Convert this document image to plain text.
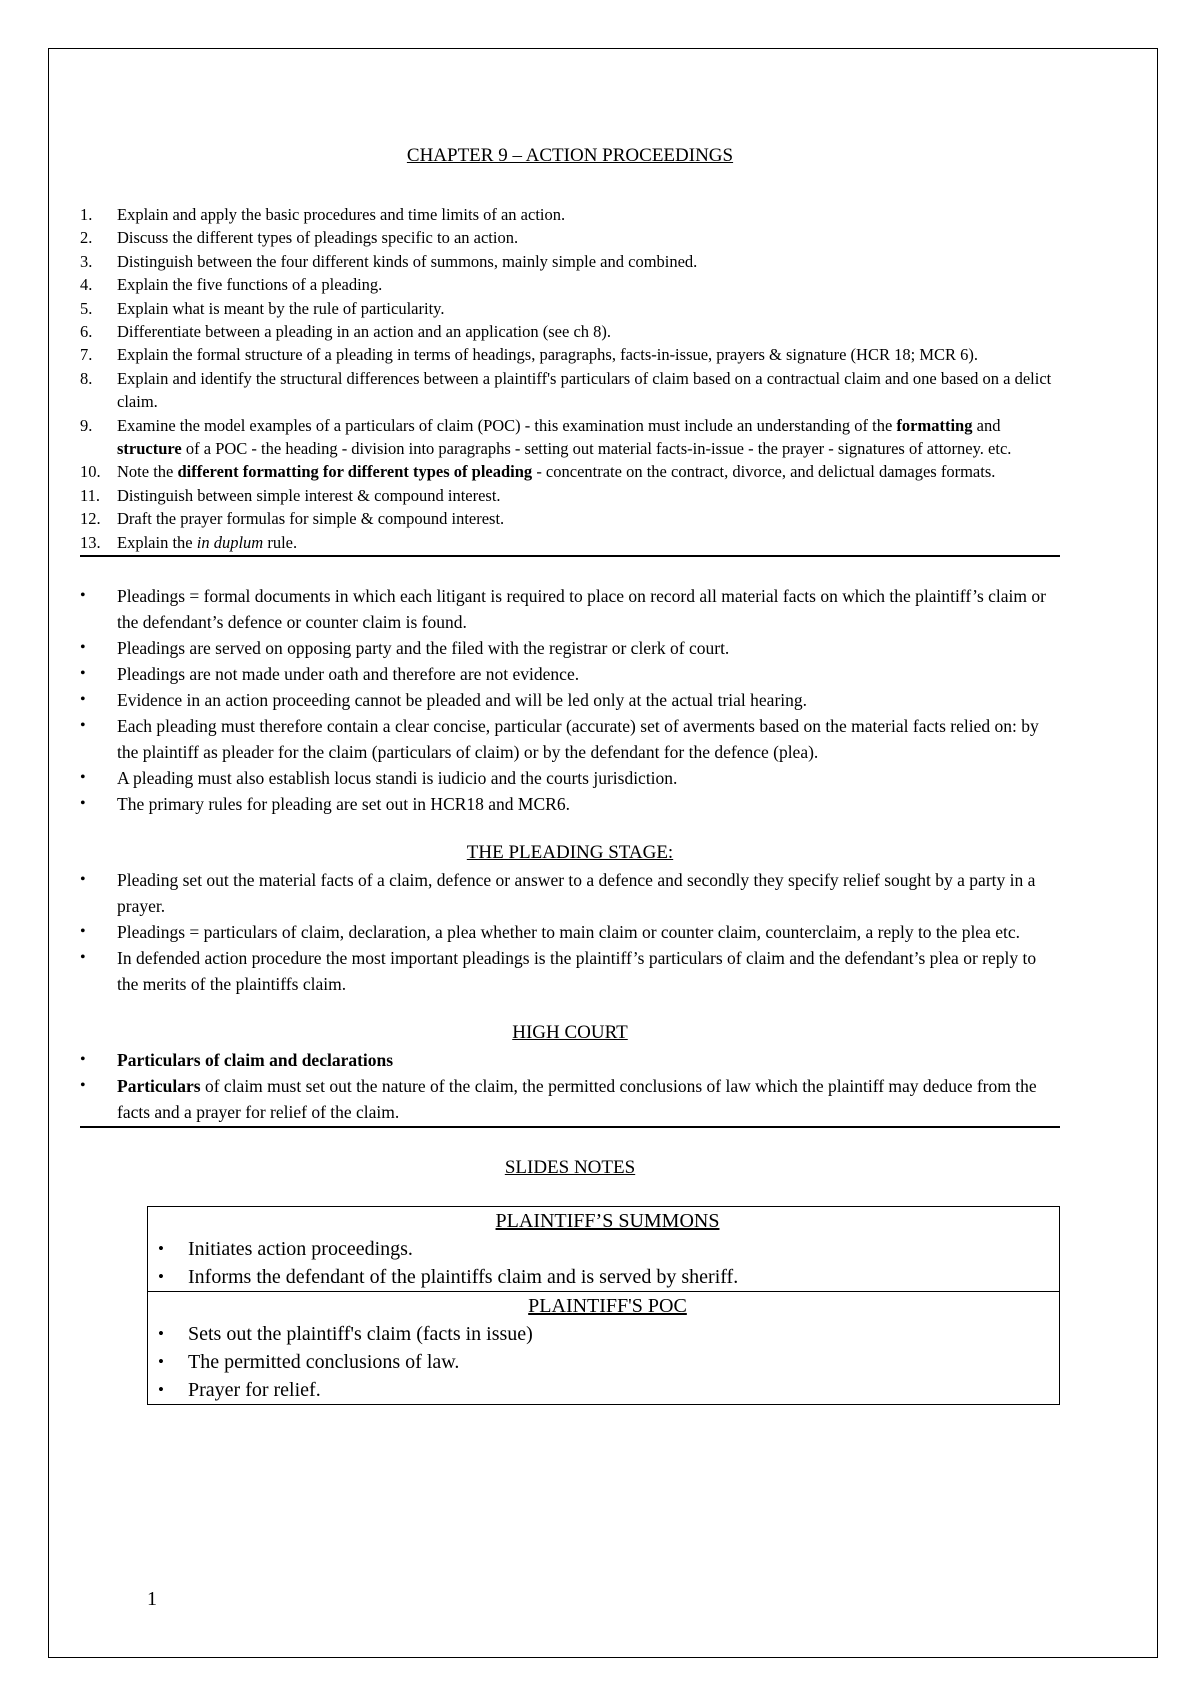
CHAPTER 9 – ACTION PROCEEDINGS
1. Explain and apply the basic procedures and time limits of an action.
2. Discuss the different types of pleadings specific to an action.
3. Distinguish between the four different kinds of summons, mainly simple and combined.
4. Explain the five functions of a pleading.
5. Explain what is meant by the rule of particularity.
6. Differentiate between a pleading in an action and an application (see ch 8).
7. Explain the formal structure of a pleading in terms of headings, paragraphs, facts-in-issue, prayers & signature (HCR 18; MCR 6).
8. Explain and identify the structural differences between a plaintiff's particulars of claim based on a contractual claim and one based on a delict claim.
9. Examine the model examples of a particulars of claim (POC) - this examination must include an understanding of the formatting and structure of a POC - the heading - division into paragraphs - setting out material facts-in-issue - the prayer - signatures of attorney. etc.
10. Note the different formatting for different types of pleading - concentrate on the contract, divorce, and delictual damages formats.
11. Distinguish between simple interest & compound interest.
12. Draft the prayer formulas for simple & compound interest.
13. Explain the in duplum rule.
• Pleadings = formal documents in which each litigant is required to place on record all material facts on which the plaintiff’s claim or the defendant’s defence or counter claim is found.
• Pleadings are served on opposing party and the filed with the registrar or clerk of court.
• Pleadings are not made under oath and therefore are not evidence.
• Evidence in an action proceeding cannot be pleaded and will be led only at the actual trial hearing.
• Each pleading must therefore contain a clear concise, particular (accurate) set of averments based on the material facts relied on: by the plaintiff as pleader for the claim (particulars of claim) or by the defendant for the defence (plea).
• A pleading must also establish locus standi is iudicio and the courts jurisdiction.
• The primary rules for pleading are set out in HCR18 and MCR6.
THE PLEADING STAGE:
• Pleading set out the material facts of a claim, defence or answer to a defence and secondly they specify relief sought by a party in a prayer.
• Pleadings = particulars of claim, declaration, a plea whether to main claim or counter claim, counterclaim, a reply to the plea etc.
• In defended action procedure the most important pleadings is the plaintiff’s particulars of claim and the defendant’s plea or reply to the merits of the plaintiffs claim.
HIGH COURT
• Particulars of claim and declarations
• Particulars of claim must set out the nature of the claim, the permitted conclusions of law which the plaintiff may deduce from the facts and a prayer for relief of the claim.
SLIDES NOTES
PLAINTIFF’S SUMMONS
• Initiates action proceedings.
• Informs the defendant of the plaintiffs claim and is served by sheriff.

PLAINTIFF'S POC
• Sets out the plaintiff's claim (facts in issue)
• The permitted conclusions of law.
• Prayer for relief.
1
